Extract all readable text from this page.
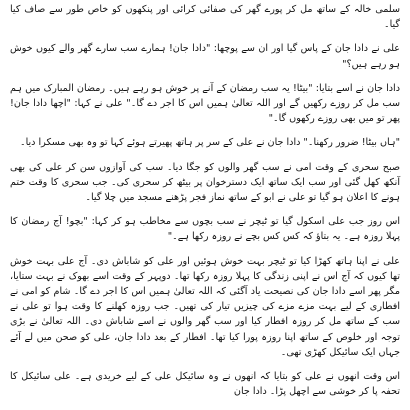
سلمی خالہ کے ساتھ مل کر پورے گھر کی صفائی کرائی اور پنکھوں کو خاص طور سے صاف کیا گیا۔

علی نے دادا جان کے پاس گیا اور ان سے پوچھا: "دادا جان! ہمارے سب سارے گھر والے کیوں خوش ہو رہے ہیں؟"

دادا جان نے اسے بتایا: "بیٹا! یہ سب رمضان کے آنے پر خوش ہو رہے ہیں۔ رمضان المبارک میں ہم سب مل کر روزے رکھیں گے اور اللہ تعالیٰ ہمیں اس کا اجر دے گا۔" علی نے کہا: "اچھا دادا جان! پھر تو میں بھی روزے رکھوں گا۔"

"ہاں بیٹا! ضرور رکھنا۔" دادا جان نے علی کے سر پر ہاتھ پھیرتے ہوئے کہا تو وہ بھی مسکرا دیا۔

صبح سحری کے وقت امی نے سب گھر والوں کو جگا دیا۔ سب کی آوازوں سن کر علی کی بھی آنکھ کھل گئی اور سب ایک ساتھ ایک دسترخوان پر بیٹھ کر سحری کی۔ جب سحری کا وقت ختم ہونے کا اعلان ہو گیا تو علی نے ابو کے ساتھ نماز فجر پڑھنے مسجد میں چلا گیا۔

اس روز جب علی اسکول گیا تو ٹیچر نے سب بچوں سے مخاطب ہو کر کہا: "بچو! آج رمضان کا پہلا روزہ ہے۔ یہ بتاؤ کہ کس کس بچے نے روزہ رکھا ہے۔"

علی نے اپنا ہاتھ کھڑا کیا تو ٹیچر بہت خوش ہوئیں اور علی کو شاباش دی۔ آج علی بہت خوش تھا کیوں کہ آج اس نے اپنی زندگی کا پہلا روزہ رکھا تھا۔ دوپہر کے وقت اسے بھوک نے بہت ستایا، مگر پھر اسے دادا جان کی نصیحت یاد آگئی کہ اللہ تعالیٰ ہمیں اس کا اجر دے گا۔ شام کو امی نے افطاری کے لیے بہت مزے مزے کی چیزیں تیار کی تھیں۔ جب روزہ کھلنے کا وقت ہوا تو علی نے سب کے ساتھ مل کر روزہ افطار کیا اور سب گھر والوں نے اسے شاباش دی۔ اللہ تعالیٰ نے بڑی توجہ اور خلوص کے ساتھ اپنا روزہ پورا کیا تھا۔ افطار کے بعد دادا جان، علی کو صحن میں لے آئے جہاں ایک سائیکل کھڑی تھی۔

اس وقت انھوں نے علی کو بتایا کہ انھوں نے وہ سائیکل علی کے لیے خریدی ہے۔ علی سائیکل کا تحفہ پا کر خوشی سے اچھل پڑا۔ دادا جان
